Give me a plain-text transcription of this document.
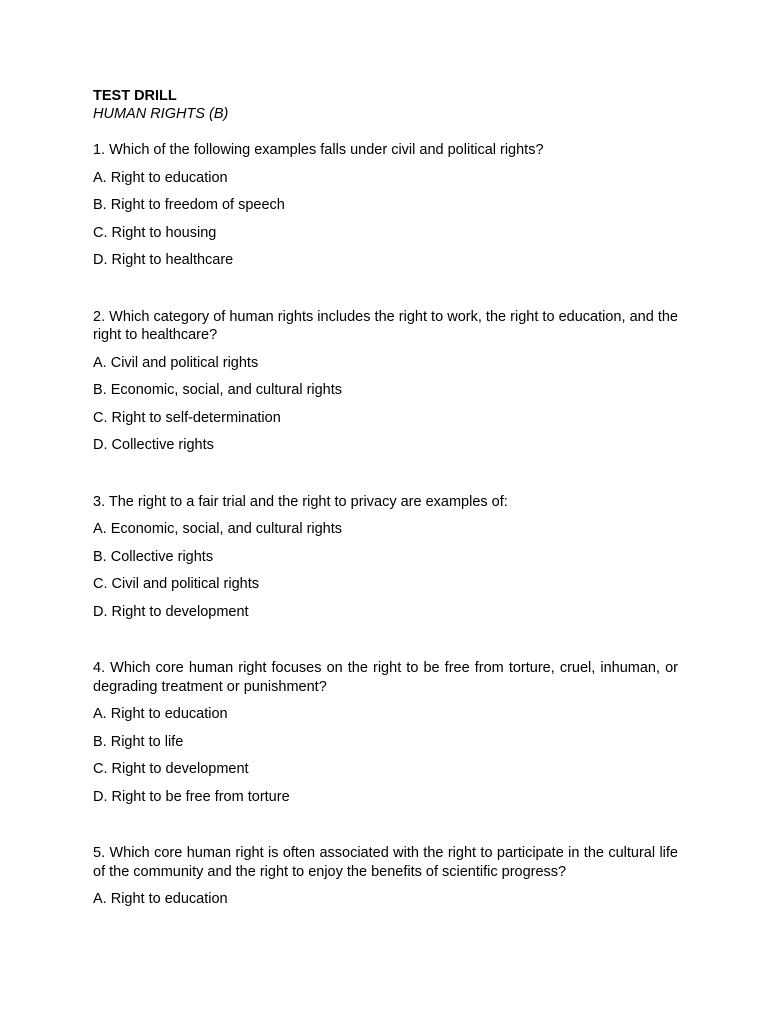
TEST DRILL

HUMAN RIGHTS (B)

1. Which of the following examples falls under civil and political rights?

A. Right to education

B. Right to freedom of speech

C. Right to housing

D. Right to healthcare

2. Which category of human rights includes the right to work, the right to education, and the right to healthcare?

A. Civil and political rights

B. Economic, social, and cultural rights

C. Right to self-determination

D. Collective rights

3. The right to a fair trial and the right to privacy are examples of:

A. Economic, social, and cultural rights

B. Collective rights

C. Civil and political rights

D. Right to development

4. Which core human right focuses on the right to be free from torture, cruel, inhuman, or degrading treatment or punishment?

A. Right to education

B. Right to life

C. Right to development

D. Right to be free from torture

5. Which core human right is often associated with the right to participate in the cultural life of the community and the right to enjoy the benefits of scientific progress?

A. Right to education
